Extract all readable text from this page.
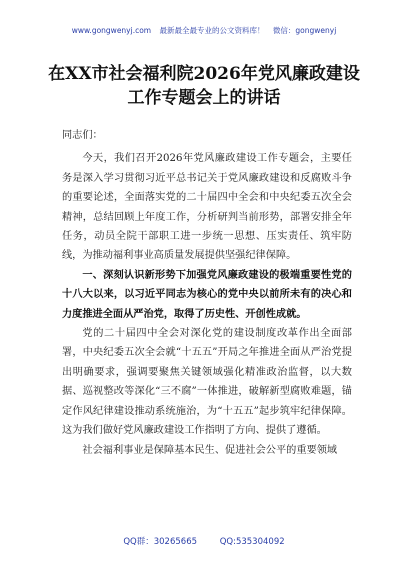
www.gongwenyj.com 最新最全最专业的公文资料库！ 微信：gongwenyj
在XX市社会福利院2026年党风廉政建设工作专题会上的讲话

同志们：

今天，我们召开2026年党风廉政建设工作专题会，主要任务是深入学习贯彻习近平总书记关于党风廉政建设和反腐败斗争的重要论述，全面落实党的二十届四中全会和中央纪委五次全会精神，总结回顾上年度工作，分析研判当前形势，部署安排全年任务，动员全院干部职工进一步统一思想、压实责任、筑牢防线，为推动福利事业高质量发展提供坚强纪律保障。

一、深刻认识新形势下加强党风廉政建设的极端重要性党的十八大以来，以习近平同志为核心的党中央以前所未有的决心和力度推进全面从严治党，取得了历史性、开创性成就。

党的二十届四中全会对深化党的建设制度改革作出全面部署，中央纪委五次全会就“十五五”开局之年推进全面从严治党提出明确要求，强调要聚焦关键领域强化精准政治监督，以大数据、巡视整改等深化“三不腐”一体推进，破解新型腐败难题，锚定作风纪律建设推动系统施治，为“十五五”起步筑牢纪律保障。这为我们做好党风廉政建设工作指明了方向、提供了遵循。

社会福利事业是保障基本民生、促进社会公平的重要领域

QQ群：30265665	QQ:535304092
